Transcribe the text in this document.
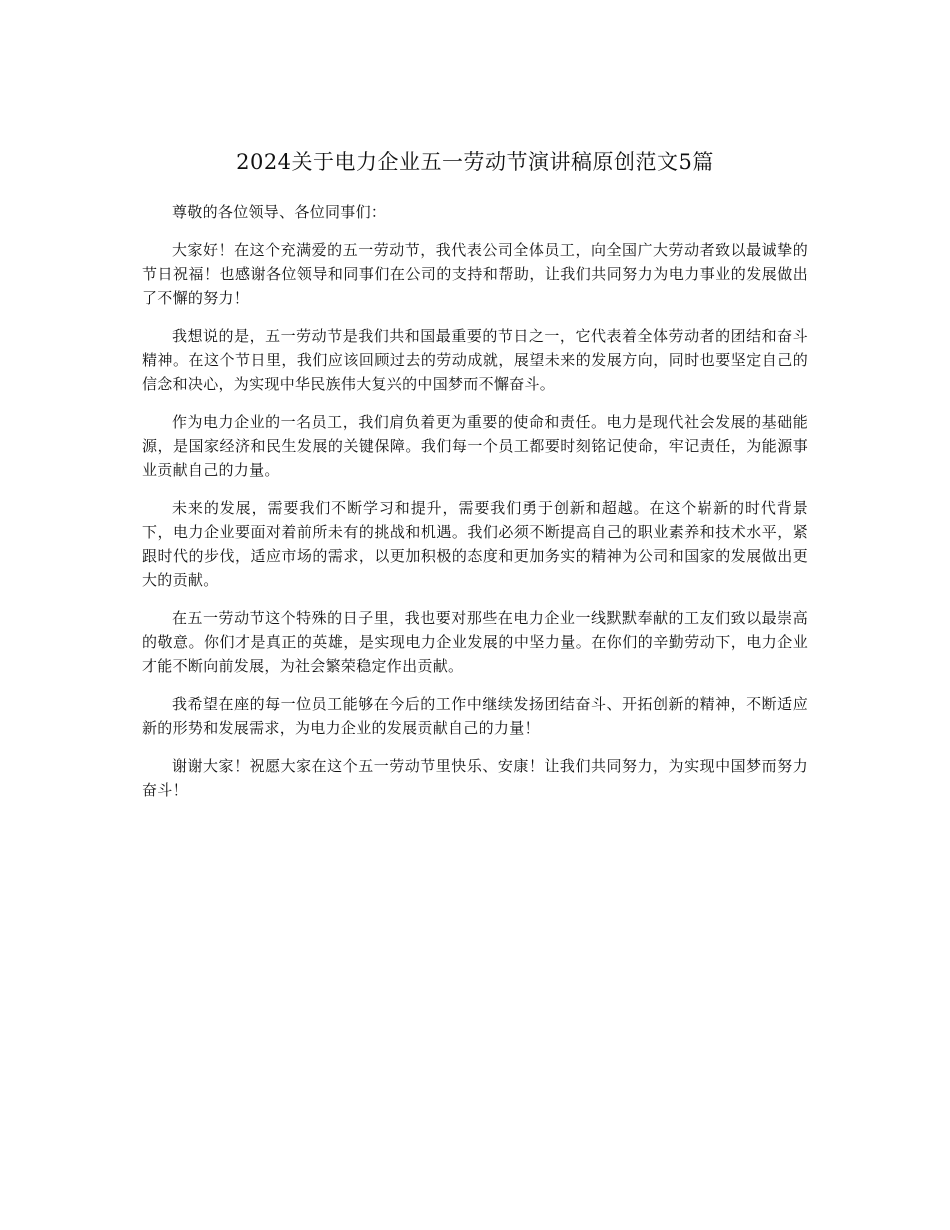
2024关于电力企业五一劳动节演讲稿原创范文5篇

尊敬的各位领导、各位同事们：

大家好！在这个充满爱的五一劳动节，我代表公司全体员工，向全国广大劳动者致以最诚挚的节日祝福！也感谢各位领导和同事们在公司的支持和帮助，让我们共同努力为电力事业的发展做出了不懈的努力！

我想说的是，五一劳动节是我们共和国最重要的节日之一，它代表着全体劳动者的团结和奋斗精神。在这个节日里，我们应该回顾过去的劳动成就，展望未来的发展方向，同时也要坚定自己的信念和决心，为实现中华民族伟大复兴的中国梦而不懈奋斗。

作为电力企业的一名员工，我们肩负着更为重要的使命和责任。电力是现代社会发展的基础能源，是国家经济和民生发展的关键保障。我们每一个员工都要时刻铭记使命，牢记责任，为能源事业贡献自己的力量。

未来的发展，需要我们不断学习和提升，需要我们勇于创新和超越。在这个崭新的时代背景下，电力企业要面对着前所未有的挑战和机遇。我们必须不断提高自己的职业素养和技术水平，紧跟时代的步伐，适应市场的需求，以更加积极的态度和更加务实的精神为公司和国家的发展做出更大的贡献。

在五一劳动节这个特殊的日子里，我也要对那些在电力企业一线默默奉献的工友们致以最崇高的敬意。你们才是真正的英雄，是实现电力企业发展的中坚力量。在你们的辛勤劳动下，电力企业才能不断向前发展，为社会繁荣稳定作出贡献。

我希望在座的每一位员工能够在今后的工作中继续发扬团结奋斗、开拓创新的精神，不断适应新的形势和发展需求，为电力企业的发展贡献自己的力量！

谢谢大家！祝愿大家在这个五一劳动节里快乐、安康！让我们共同努力，为实现中国梦而努力奋斗！
